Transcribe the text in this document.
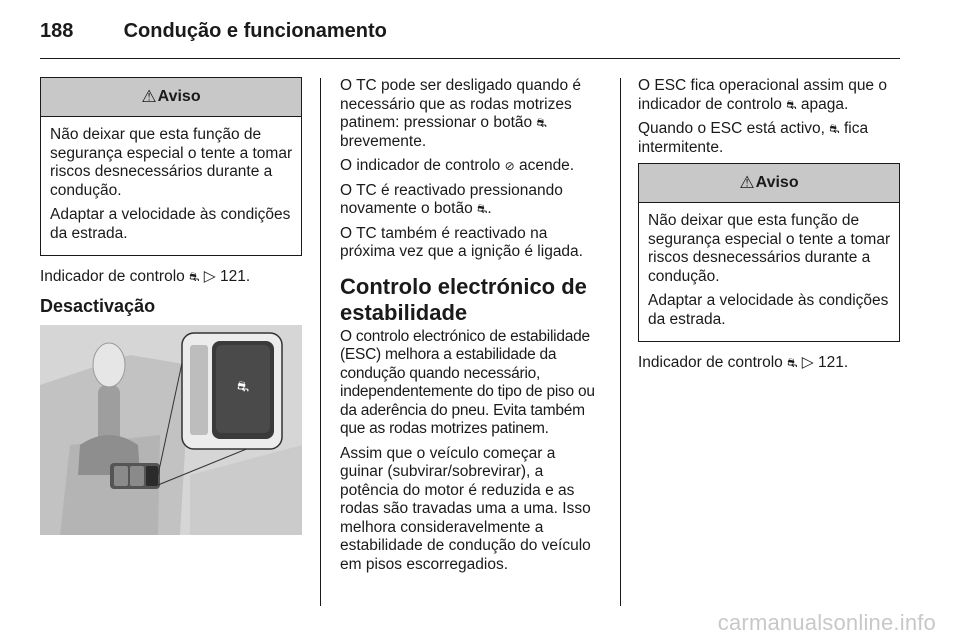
188	Condução e funcionamento
⚠ Aviso

Não deixar que esta função de segurança especial o tente a tomar riscos desnecessários durante a condução.

Adaptar a velocidade às condições da estrada.

Indicador de controlo ⛐ ▷ 121.

Desactivação
⛐

O TC pode ser desligado quando é necessário que as rodas motrizes patinem: pressionar o botão ⛐ brevemente.

O indicador de controlo ⊘ acende.

O TC é reactivado pressionando novamente o botão ⛐.

O TC também é reactivado na próxima vez que a ignição é ligada.

Controlo electrónico de estabilidade

O controlo electrónico de estabilidade (ESC) melhora a estabilidade da condução quando necessário, independentemente do tipo de piso ou da aderência do pneu. Evita também que as rodas motrizes patinem.

Assim que o veículo começar a guinar (subvirar/sobrevirar), a potência do motor é reduzida e as rodas são travadas uma a uma. Isso melhora consideravelmente a estabilidade de condução do veículo em pisos escorregadios.

O ESC fica operacional assim que o indicador de controlo ⛐ apaga.

Quando o ESC está activo, ⛐ fica intermitente.

⚠ Aviso

Não deixar que esta função de segurança especial o tente a tomar riscos desnecessários durante a condução.

Adaptar a velocidade às condições da estrada.

Indicador de controlo ⛐ ▷ 121.

carmanualsonline.info
